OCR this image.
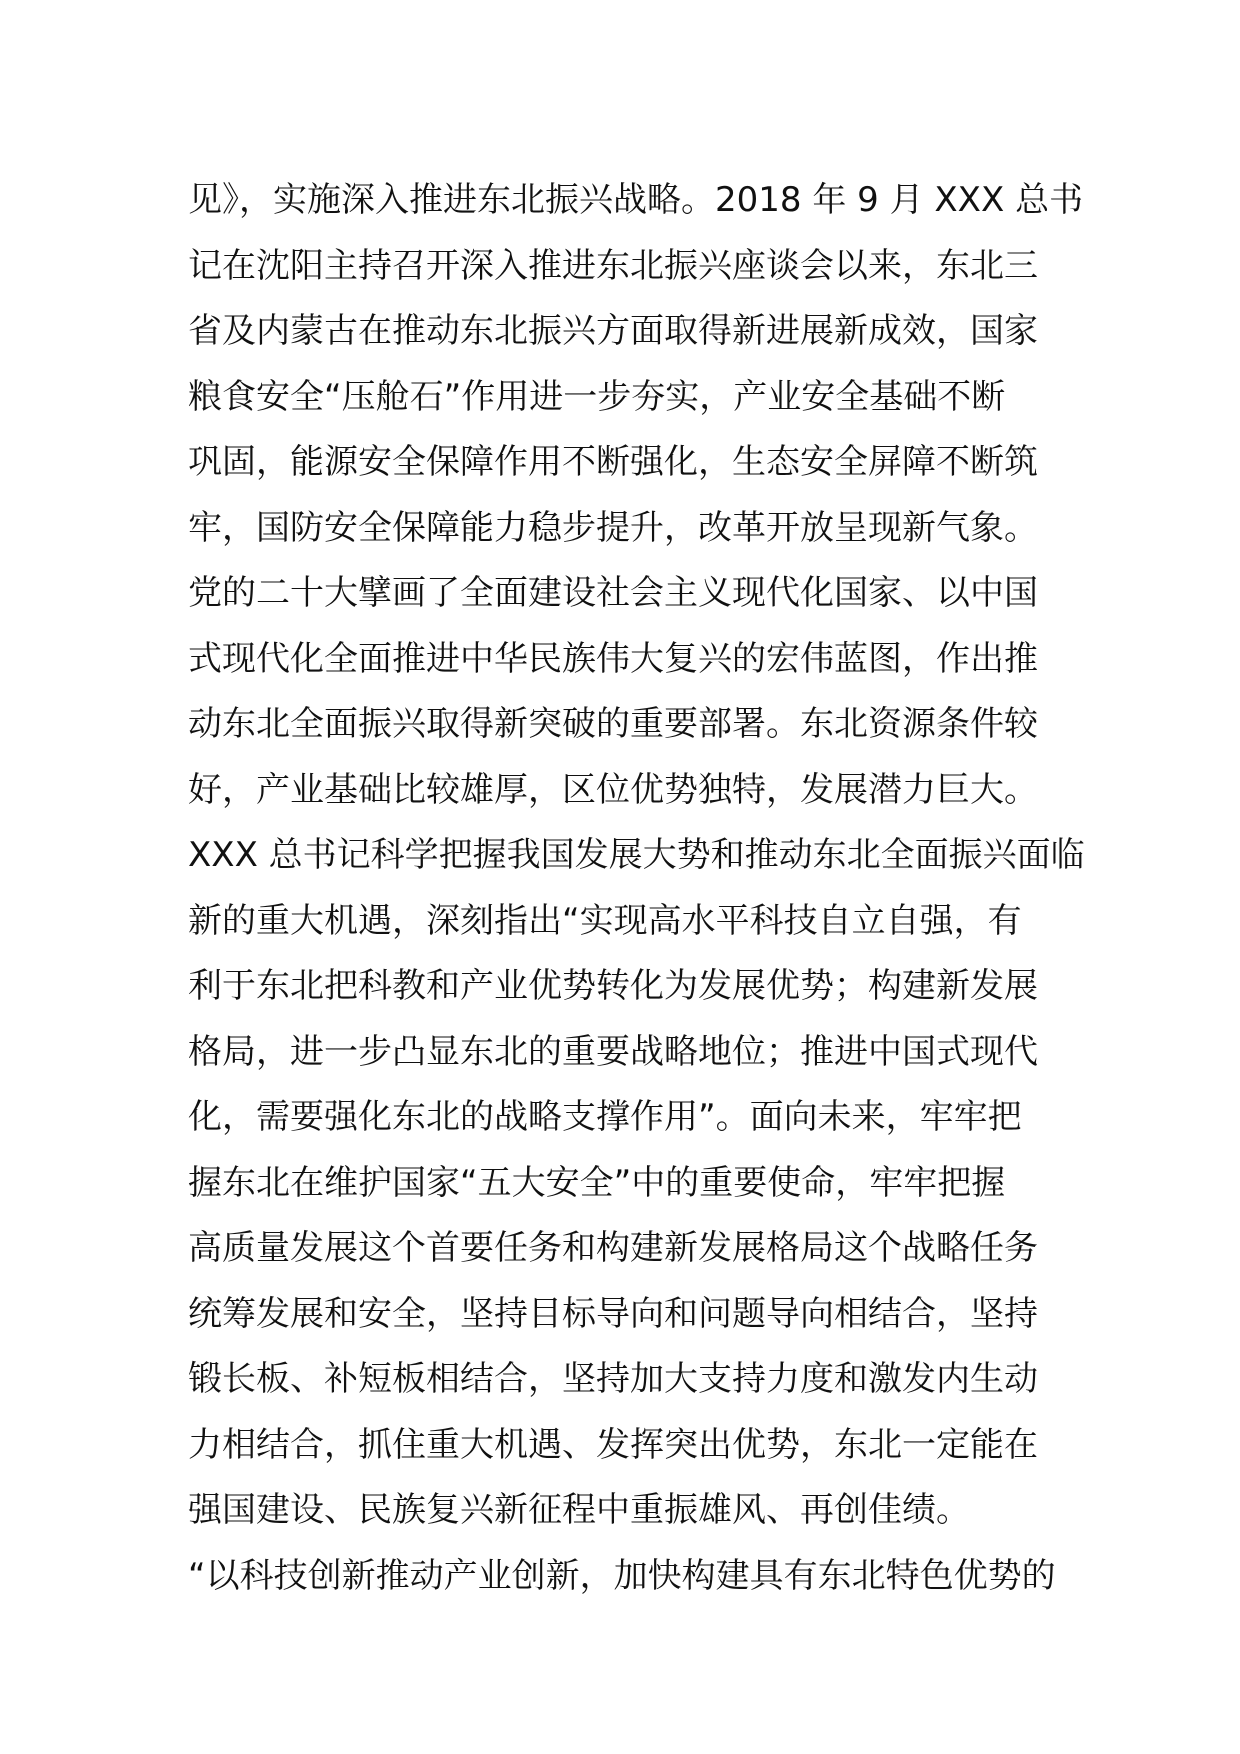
见》，实施深入推进东北振兴战略。2018 年 9 月 XXX 总书
记在沈阳主持召开深入推进东北振兴座谈会以来，东北三
省及内蒙古在推动东北振兴方面取得新进展新成效，国家
粮食安全“压舱石”作用进一步夯实，产业安全基础不断
巩固，能源安全保障作用不断强化，生态安全屏障不断筑
牢，国防安全保障能力稳步提升，改革开放呈现新气象。
党的二十大擘画了全面建设社会主义现代化国家、以中国
式现代化全面推进中华民族伟大复兴的宏伟蓝图，作出推
动东北全面振兴取得新突破的重要部署。东北资源条件较
好，产业基础比较雄厚，区位优势独特，发展潜力巨大。
XXX 总书记科学把握我国发展大势和推动东北全面振兴面临
新的重大机遇，深刻指出“实现高水平科技自立自强，有
利于东北把科教和产业优势转化为发展优势；构建新发展
格局，进一步凸显东北的重要战略地位；推进中国式现代
化，需要强化东北的战略支撑作用”。面向未来，牢牢把
握东北在维护国家“五大安全”中的重要使命，牢牢把握
高质量发展这个首要任务和构建新发展格局这个战略任务
统筹发展和安全，坚持目标导向和问题导向相结合，坚持
锻长板、补短板相结合，坚持加大支持力度和激发内生动
力相结合，抓住重大机遇、发挥突出优势，东北一定能在
强国建设、民族复兴新征程中重振雄风、再创佳绩。
“以科技创新推动产业创新，加快构建具有东北特色优势的
